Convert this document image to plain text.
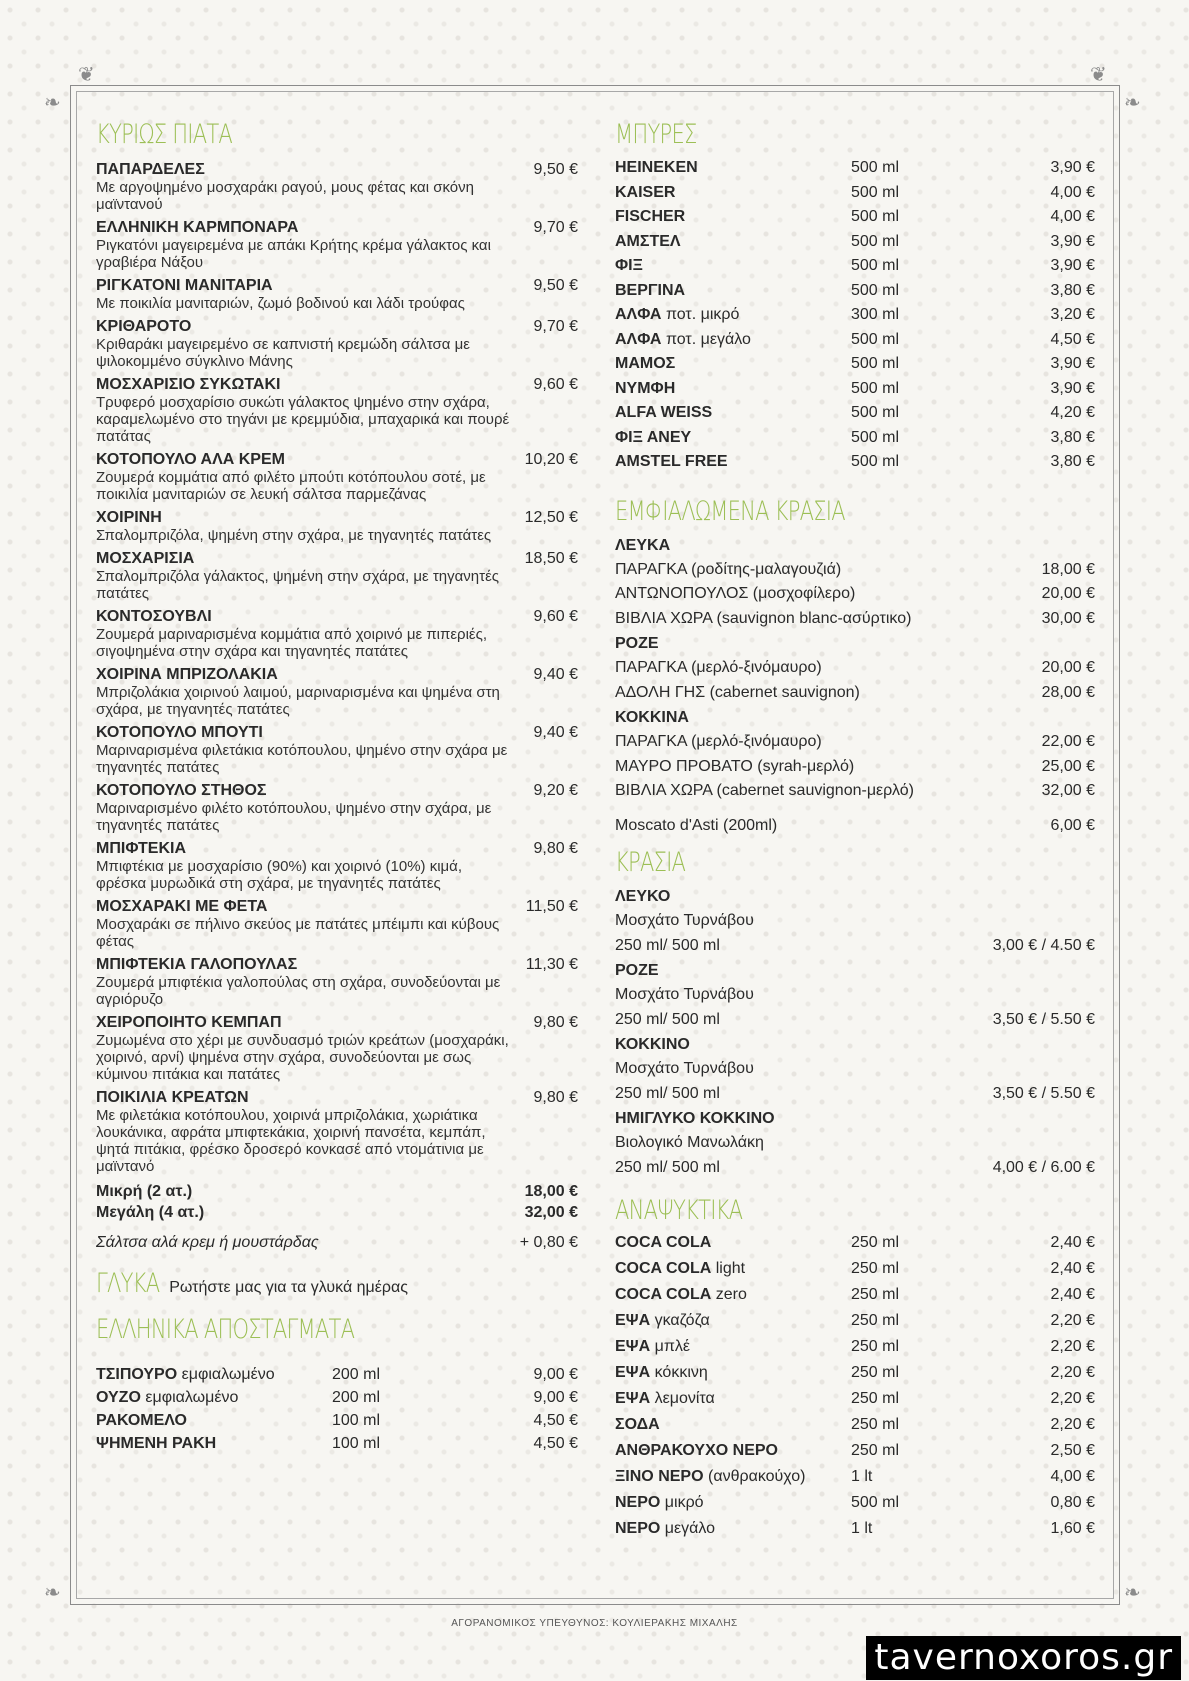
❦	❦
❧	❧
❧	❧
ΚΥΡΙΩΣ ΠΙΑΤΑ
ΠΑΠΑΡΔΕΛΕΣ	9,50 €
Με αργοψημένο μοσχαράκι ραγού, μους φέτας και σκόνη μαϊντανού
ΕΛΛΗΝΙΚΗ ΚΑΡΜΠΟΝΑΡΑ	9,70 €
Ριγκατόνι μαγειρεμένα με απάκι Κρήτης κρέμα γάλακτος και γραβιέρα Νάξου
ΡΙΓΚΑΤΟΝΙ ΜΑΝΙΤΑΡΙΑ	9,50 €
Με ποικιλία μανιταριών, ζωμό βοδινού και λάδι τρούφας
ΚΡΙΘΑΡΟΤΟ	9,70 €
Κριθαράκι μαγειρεμένο σε καπνιστή κρεμώδη σάλτσα με ψιλοκομμένο σύγκλινο Μάνης
ΜΟΣΧΑΡΙΣΙΟ ΣΥΚΩΤΑΚΙ	9,60 €
Τρυφερό μοσχαρίσιο συκώτι γάλακτος ψημένο στην σχάρα, καραμελωμένο στο τηγάνι με κρεμμύδια, μπαχαρικά και πουρέ πατάτας
ΚΟΤΟΠΟΥΛΟ ΑΛΑ ΚΡΕΜ	10,20 €
Ζουμερά κομμάτια από φιλέτο μπούτι κοτόπουλου σοτέ, με ποικιλία μανιταριών σε λευκή σάλτσα παρμεζάνας
ΧΟΙΡΙΝΗ	12,50 €
Σπαλομπριζόλα, ψημένη στην σχάρα, με τηγανητές πατάτες
ΜΟΣΧΑΡΙΣΙΑ	18,50 €
Σπαλομπριζόλα γάλακτος, ψημένη στην σχάρα, με τηγανητές πατάτες
ΚΟΝΤΟΣΟΥΒΛΙ	9,60 €
Ζουμερά μαριναρισμένα κομμάτια από χοιρινό με πιπεριές, σιγοψημένα στην σχάρα και τηγανητές πατάτες
ΧΟΙΡΙΝΑ ΜΠΡΙΖΟΛΑΚΙΑ	9,40 €
Μπριζολάκια χοιρινού λαιμού, μαριναρισμένα και ψημένα στη σχάρα, με τηγανητές πατάτες
ΚΟΤΟΠΟΥΛΟ ΜΠΟΥΤΙ	9,40 €
Μαριναρισμένα φιλετάκια κοτόπουλου, ψημένο στην σχάρα με τηγανητές πατάτες
ΚΟΤΟΠΟΥΛΟ ΣΤΗΘΟΣ	9,20 €
Μαριναρισμένο φιλέτο κοτόπουλου, ψημένο στην σχάρα, με τηγανητές πατάτες
ΜΠΙΦΤΕΚΙΑ	9,80 €
Μπιφτέκια με μοσχαρίσιο (90%) και χοιρινό (10%) κιμά, φρέσκα μυρωδικά στη σχάρα, με τηγανητές πατάτες
ΜΟΣΧΑΡΑΚΙ ΜΕ ΦΕΤΑ	11,50 €
Μοσχαράκι σε πήλινο σκεύος με πατάτες μπέιμπι και κύβους φέτας
ΜΠΙΦΤΕΚΙΑ ΓΑΛΟΠΟΥΛΑΣ	11,30 €
Ζουμερά μπιφτέκια γαλοπούλας στη σχάρα, συνοδεύονται με αγριόρυζο
ΧΕΙΡΟΠΟΙΗΤΟ ΚΕΜΠΑΠ	9,80 €
Ζυμωμένα στο χέρι με συνδυασμό τριών κρεάτων (μοσχαράκι, χοιρινό, αρνί) ψημένα στην σχάρα, συνοδεύονται με σως κύμινου πιτάκια και πατάτες
ΠΟΙΚΙΛΙΑ ΚΡΕΑΤΩΝ	9,80 €
Με φιλετάκια κοτόπουλου, χοιρινά μπριζολάκια, χωριάτικα λουκάνικα, αφράτα μπιφτεκάκια, χοιρινή πανσέτα, κεμπάπ, ψητά πιτάκια, φρέσκο δροσερό κονκασέ από ντομάτινια με μαϊντανό
Μικρή (2 ατ.)	18,00 €
Μεγάλη (4 ατ.)	32,00 €
Σάλτσα αλά κρεμ ή μουστάρδας	+ 0,80 €
ΓΛΥΚΑ Ρωτήστε μας για τα γλυκά ημέρας
ΕΛΛΗΝΙΚΑ ΑΠΟΣΤΑΓΜΑΤΑ
ΤΣΙΠΟΥΡΟ εμφιαλωμένο	200 ml	9,00 €
ΟΥΖΟ εμφιαλωμένο	200 ml	9,00 €
ΡΑΚΟΜΕΛΟ	100 ml	4,50 €
ΨΗΜΕΝΗ ΡΑΚΗ	100 ml	4,50 €
ΜΠΥΡΕΣ
HEINEKEN	500 ml	3,90 €
KAISER	500 ml	4,00 €
FISCHER	500 ml	4,00 €
ΑΜΣΤΕΛ	500 ml	3,90 €
ΦΙΞ	500 ml	3,90 €
ΒΕΡΓΙΝΑ	500 ml	3,80 €
ΑΛΦΑ ποτ. μικρό	300 ml	3,20 €
ΑΛΦΑ ποτ. μεγάλο	500 ml	4,50 €
ΜΑΜΟΣ	500 ml	3,90 €
ΝΥΜΦΗ	500 ml	3,90 €
ALFA WEISS	500 ml	4,20 €
ΦΙΞ ΑΝΕΥ	500 ml	3,80 €
AMSTEL FREE	500 ml	3,80 €
ΕΜΦΙΑΛΩΜΕΝΑ ΚΡΑΣΙΑ
ΛΕΥΚΑ
ΠΑΡΑΓΚΑ (ροδίτης-μαλαγουζιά)	18,00 €
ΑΝΤΩΝΟΠΟΥΛΟΣ (μοσχοφίλερο)	20,00 €
ΒΙΒΛΙΑ ΧΩΡΑ (sauvignon blanc-ασύρτικο)	30,00 €
ΡΟΖΕ
ΠΑΡΑΓΚΑ (μερλό-ξινόμαυρο)	20,00 €
ΑΔΟΛΗ ΓΗΣ (cabernet sauvignon)	28,00 €
ΚΟΚΚΙΝΑ
ΠΑΡΑΓΚΑ (μερλό-ξινόμαυρο)	22,00 €
ΜΑΥΡΟ ΠΡΟΒΑΤΟ (syrah-μερλό)	25,00 €
ΒΙΒΛΙΑ ΧΩΡΑ (cabernet sauvignon-μερλό)	32,00 €
Moscato d'Asti (200ml)	6,00 €
ΚΡΑΣΙΑ
ΛΕΥΚΟ
Μοσχάτο Τυρνάβου
250 ml/ 500 ml	3,00 € / 4.50 €
ΡΟΖΕ
Μοσχάτο Τυρνάβου
250 ml/ 500 ml	3,50 € / 5.50 €
ΚΟΚΚΙΝΟ
Μοσχάτο Τυρνάβου
250 ml/ 500 ml	3,50 € / 5.50 €
ΗΜΙΓΛΥΚΟ ΚΟΚΚΙΝΟ
Βιολογικό Μανωλάκη
250 ml/ 500 ml	4,00 € / 6.00 €
ΑΝΑΨΥΚΤΙΚΑ
COCA COLA	250 ml	2,40 €
COCA COLA light	250 ml	2,40 €
COCA COLA zero	250 ml	2,40 €
ΕΨΑ γκαζόζα	250 ml	2,20 €
ΕΨΑ μπλέ	250 ml	2,20 €
ΕΨΑ κόκκινη	250 ml	2,20 €
ΕΨΑ λεμονίτα	250 ml	2,20 €
ΣΟΔΑ	250 ml	2,20 €
ΑΝΘΡΑΚΟΥΧΟ ΝΕΡΟ	250 ml	2,50 €
ΞΙΝΟ ΝΕΡΟ (ανθρακούχο)	1 lt	4,00 €
ΝΕΡΟ μικρό	500 ml	0,80 €
ΝΕΡΟ μεγάλο	1 lt	1,60 €
ΑΓΟΡΑΝΟΜΙΚΟΣ ΥΠΕΥΘΥΝΟΣ: ΚΟΥΛΙΕΡΑΚΗΣ ΜΙΧΑΛΗΣ
tavernoxoros.gr
